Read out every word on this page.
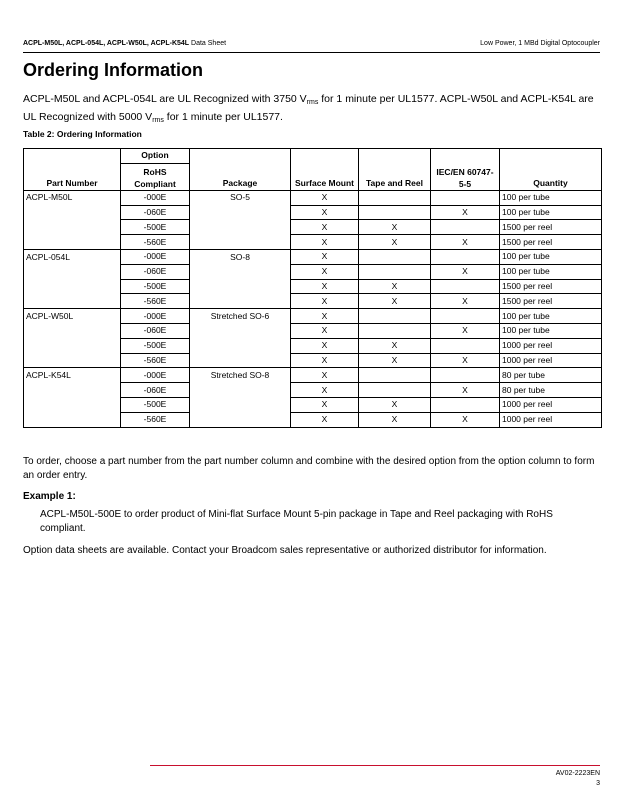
ACPL-M50L, ACPL-054L, ACPL-W50L, ACPL-K54L Data Sheet	Low Power, 1 MBd Digital Optocoupler
Ordering Information
ACPL-M50L and ACPL-054L are UL Recognized with 3750 $V_{rms}$ for 1 minute per UL1577. ACPL-W50L and ACPL-K54L are UL Recognized with 5000 $V_{rms}$ for 1 minute per UL1577.
Table 2: Ordering Information
	Option					
Part Number	RoHS Compliant	Package	Surface Mount	Tape and Reel	IEC/EN 60747-5-5	Quantity
ACPL-M50L	-000E	SO-5	X			100 per tube
	-060E		X		X	100 per tube
	-500E		X	X		1500 per reel
	-560E		X	X	X	1500 per reel
ACPL-054L	-000E	SO-8	X			100 per tube
	-060E		X		X	100 per tube
	-500E		X	X		1500 per reel
	-560E		X	X	X	1500 per reel
ACPL-W50L	-000E	Stretched SO-6	X			100 per tube
	-060E		X		X	100 per tube
	-500E		X	X		1000 per reel
	-560E		X	X	X	1000 per reel
ACPL-K54L	-000E	Stretched SO-8	X			80 per tube
	-060E		X		X	80 per tube
	-500E		X	X		1000 per reel
	-560E		X	X	X	1000 per reel
To order, choose a part number from the part number column and combine with the desired option from the option column to form an order entry.
Example 1:
ACPL-M50L-500E to order product of Mini-flat Surface Mount 5-pin package in Tape and Reel packaging with RoHS compliant.
Option data sheets are available. Contact your Broadcom sales representative or authorized distributor for information.
AV02-2223EN
3
